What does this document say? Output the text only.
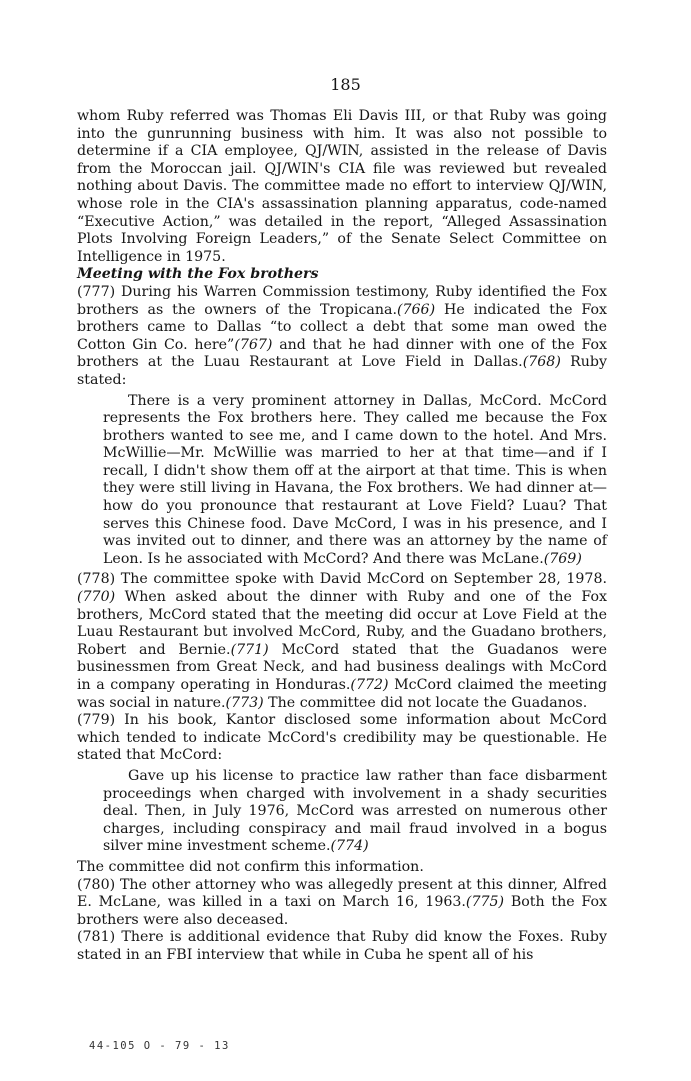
185

whom Ruby referred was Thomas Eli Davis III, or that Ruby was going into the gunrunning business with him. It was also not possible to determine if a CIA employee, QJ/WIN, assisted in the release of Davis from the Moroccan jail. QJ/WIN's CIA file was reviewed but revealed nothing about Davis. The committee made no effort to interview QJ/WIN, whose role in the CIA's assassination planning apparatus, code-named “Executive Action,” was detailed in the report, “Alleged Assassination Plots Involving Foreign Leaders,” of the Senate Select Committee on Intelligence in 1975.

Meeting with the Fox brothers

(777) During his Warren Commission testimony, Ruby identified the Fox brothers as the owners of the Tropicana.(766) He indicated the Fox brothers came to Dallas “to collect a debt that some man owed the Cotton Gin Co. here”(767) and that he had dinner with one of the Fox brothers at the Luau Restaurant at Love Field in Dallas.(768) Ruby stated:

There is a very prominent attorney in Dallas, McCord. McCord represents the Fox brothers here. They called me because the Fox brothers wanted to see me, and I came down to the hotel. And Mrs. McWillie—Mr. McWillie was married to her at that time—and if I recall, I didn't show them off at the airport at that time. This is when they were still living in Havana, the Fox brothers. We had dinner at—how do you pronounce that restaurant at Love Field? Luau? That serves this Chinese food. Dave McCord, I was in his presence, and I was invited out to dinner, and there was an attorney by the name of Leon. Is he associated with McCord? And there was McLane.(769)

(778) The committee spoke with David McCord on September 28, 1978.(770) When asked about the dinner with Ruby and one of the Fox brothers, McCord stated that the meeting did occur at Love Field at the Luau Restaurant but involved McCord, Ruby, and the Guadano brothers, Robert and Bernie.(771) McCord stated that the Guadanos were businessmen from Great Neck, and had business dealings with McCord in a company operating in Honduras.(772) McCord claimed the meeting was social in nature.(773) The committee did not locate the Guadanos.

(779) In his book, Kantor disclosed some information about McCord which tended to indicate McCord's credibility may be questionable. He stated that McCord:

Gave up his license to practice law rather than face disbarment proceedings when charged with involvement in a shady securities deal. Then, in July 1976, McCord was arrested on numerous other charges, including conspiracy and mail fraud involved in a bogus silver mine investment scheme.(774)

The committee did not confirm this information.

(780) The other attorney who was allegedly present at this dinner, Alfred E. McLane, was killed in a taxi on March 16, 1963.(775) Both the Fox brothers were also deceased.

(781) There is additional evidence that Ruby did know the Foxes. Ruby stated in an FBI interview that while in Cuba he spent all of his

44-105 O - 79 - 13
